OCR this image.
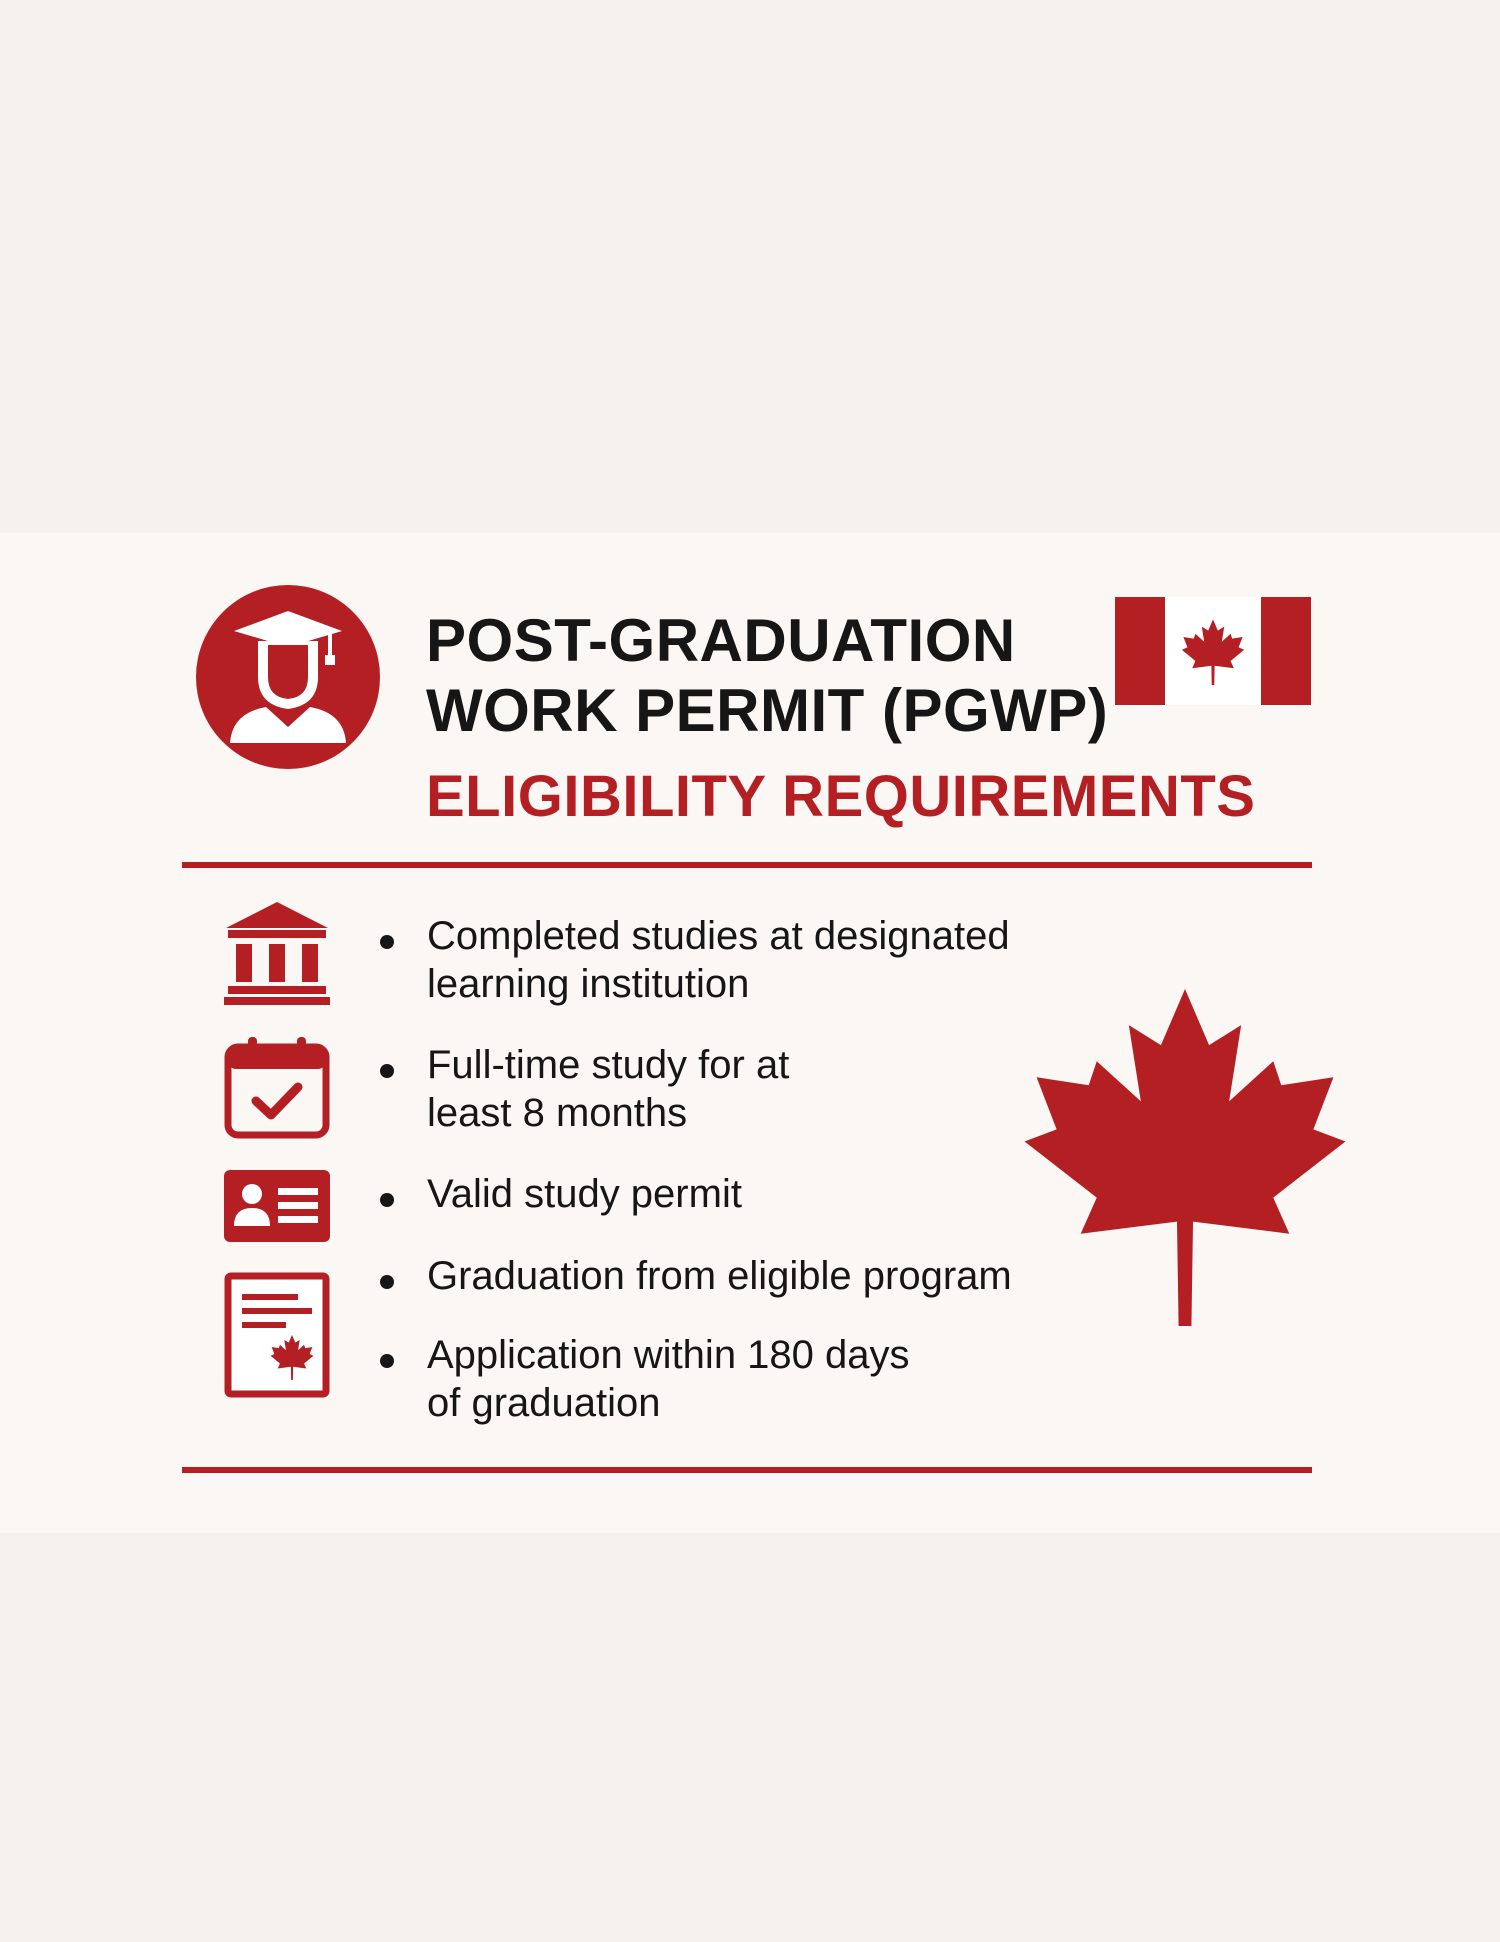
POST-GRADUATION
WORK PERMIT (PGWP)
ELIGIBILITY REQUIREMENTS

Completed studies at designated
learning institution

Full-time study for at
least 8 months

Valid study permit

Graduation from eligible program

Application within 180 days
of graduation
